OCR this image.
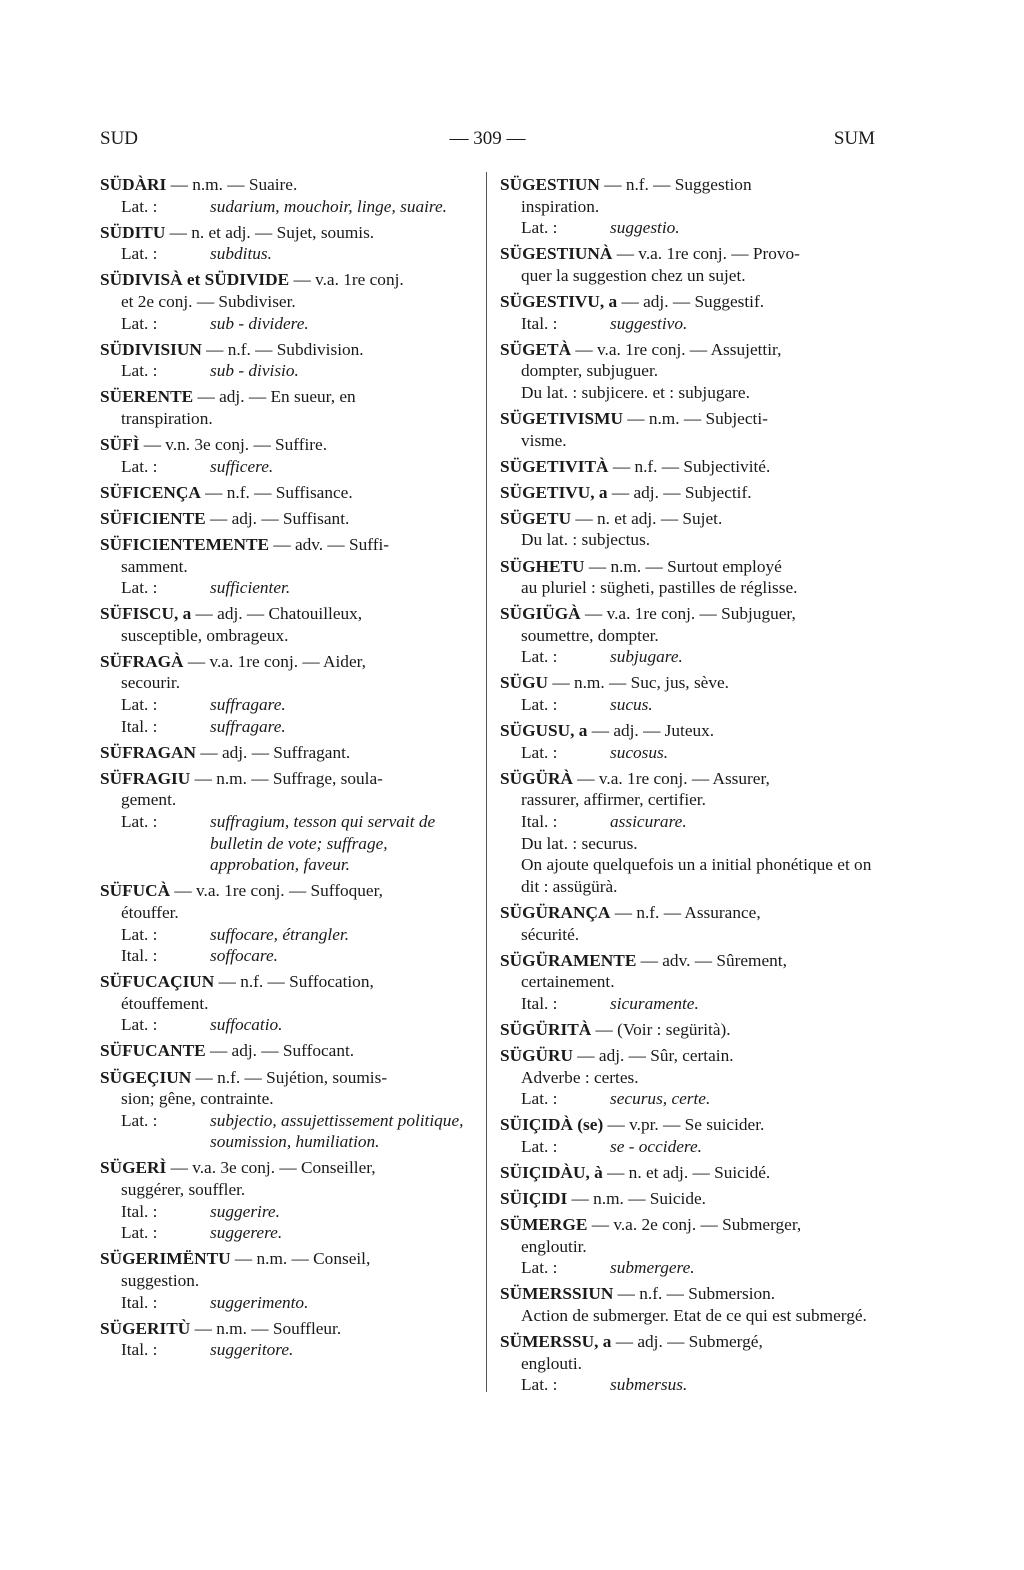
SUD	— 309 —	SUM
SÜDÀRI — n.m. — Suaire.
Lat. :	sudarium, mouchoir, linge, suaire.
SÜDITU — n. et adj. — Sujet, soumis.
Lat. :	subditus.
SÜDIVISÀ et SÜDIVIDE — v.a. 1re conj.
et 2e conj. — Subdiviser.
Lat. :	sub - dividere.
SÜDIVISIUN — n.f. — Subdivision.
Lat. :	sub - divisio.
SÜERENTE — adj. — En sueur, en
transpiration.
SÜFÌ — v.n. 3e conj. — Suffire.
Lat. :	sufficere.
SÜFICENÇA — n.f. — Suffisance.
SÜFICIENTE — adj. — Suffisant.
SÜFICIENTEMENTE — adv. — Suffi-
samment.
Lat. :	sufficienter.
SÜFISCU, a — adj. — Chatouilleux,
susceptible, ombrageux.
SÜFRAGÀ — v.a. 1re conj. — Aider,
secourir.
Lat. :	suffragare.
Ital. :	suffragare.
SÜFRAGAN — adj. — Suffragant.
SÜFRAGIU — n.m. — Suffrage, soula-
gement.
Lat. :	suffragium, tesson qui servait de bulletin de vote; suffrage, approbation, faveur.
SÜFUCÀ — v.a. 1re conj. — Suffoquer,
étouffer.
Lat. :	suffocare, étrangler.
Ital. :	soffocare.
SÜFUCAÇIUN — n.f. — Suffocation,
étouffement.
Lat. :	suffocatio.
SÜFUCANTE — adj. — Suffocant.
SÜGEÇIUN — n.f. — Sujétion, soumis-
sion; gêne, contrainte.
Lat. :	subjectio, assujettissement politique, soumission, humiliation.
SÜGERÌ — v.a. 3e conj. — Conseiller,
suggérer, souffler.
Ital. :	suggerire.
Lat. :	suggerere.
SÜGERIMËNTU — n.m. — Conseil,
suggestion.
Ital. :	suggerimento.
SÜGERITÙ — n.m. — Souffleur.
Ital. :	suggeritore.
SÜGESTIUN — n.f. — Suggestion
inspiration.
Lat. :	suggestio.
SÜGESTIUNÀ — v.a. 1re conj. — Provo-
quer la suggestion chez un sujet.
SÜGESTIVU, a — adj. — Suggestif.
Ital. :	suggestivo.
SÜGETÀ — v.a. 1re conj. — Assujettir,
dompter, subjuguer.
Du lat. : subjicere. et : subjugare.
SÜGETIVISMU — n.m. — Subjecti-
visme.
SÜGETIVITÀ — n.f. — Subjectivité.
SÜGETIVU, a — adj. — Subjectif.
SÜGETU — n. et adj. — Sujet.
Du lat. : subjectus.
SÜGHETU — n.m. — Surtout employé
au pluriel : sügheti, pastilles de réglisse.
SÜGIÜGÀ — v.a. 1re conj. — Subjuguer,
soumettre, dompter.
Lat. :	subjugare.
SÜGU — n.m. — Suc, jus, sève.
Lat. :	sucus.
SÜGUSU, a — adj. — Juteux.
Lat. :	sucosus.
SÜGÜRÀ — v.a. 1re conj. — Assurer,
rassurer, affirmer, certifier.
Ital. :	assicurare.
Du lat. : securus.
On ajoute quelquefois un a initial phonétique et on dit : assügürà.
SÜGÜRANÇA — n.f. — Assurance,
sécurité.
SÜGÜRAMENTE — adv. — Sûrement,
certainement.
Ital. :	sicuramente.
SÜGÜRITÀ — (Voir : segürità).
SÜGÜRU — adj. — Sûr, certain.
Adverbe : certes.
Lat. :	securus, certe.
SÜIÇIDÀ (se) — v.pr. — Se suicider.
Lat. :	se - occidere.
SÜIÇIDÀU, à — n. et adj. — Suicidé.
SÜIÇIDI — n.m. — Suicide.
SÜMERGE — v.a. 2e conj. — Submerger,
engloutir.
Lat. :	submergere.
SÜMERSSIUN — n.f. — Submersion.
Action de submerger. Etat de ce qui est submergé.
SÜMERSSU, a — adj. — Submergé,
englouti.
Lat. :	submersus.
